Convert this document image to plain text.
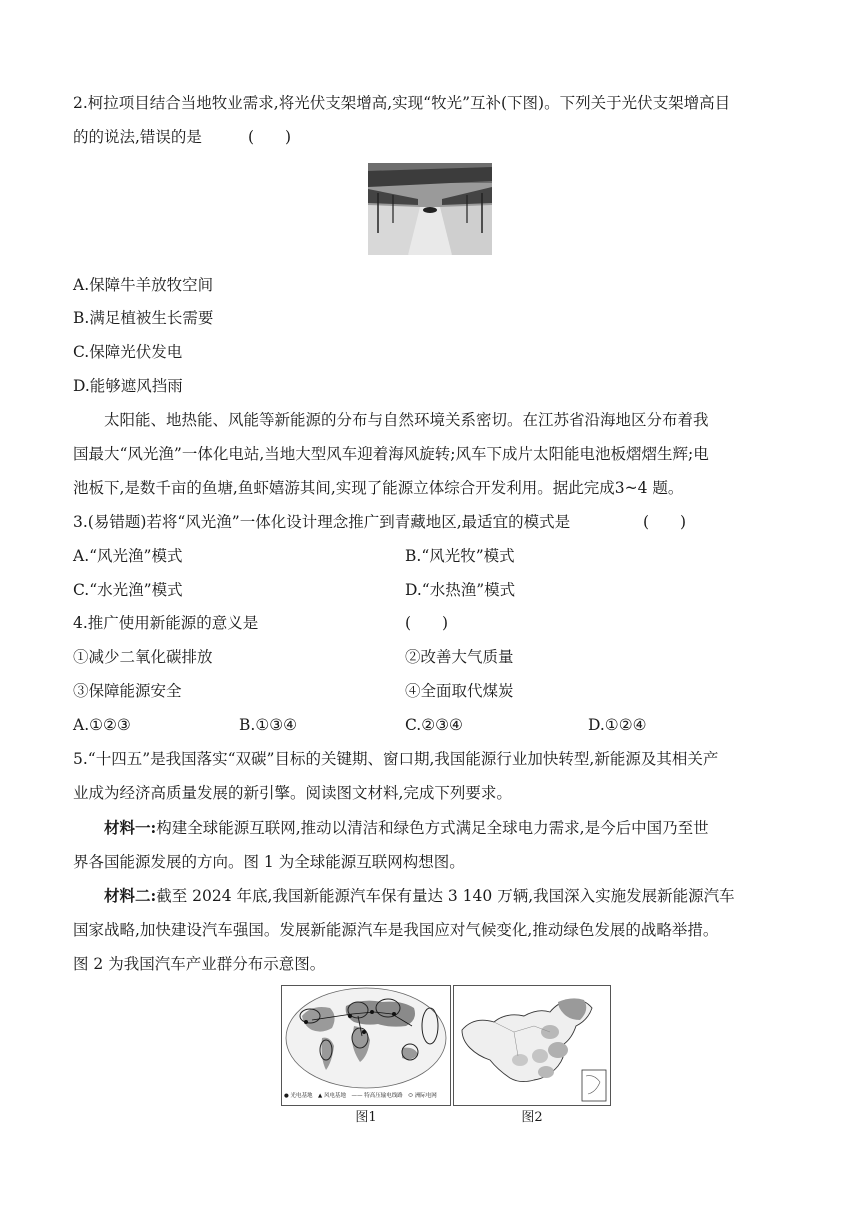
2.柯拉项目结合当地牧业需求,将光伏支架增高,实现“牧光”互补(下图)。下列关于光伏支架增高目
的的说法,错误的是	(　　)
A.保障牛羊放牧空间
B.满足植被生长需要
C.保障光伏发电
D.能够遮风挡雨
太阳能、地热能、风能等新能源的分布与自然环境关系密切。在江苏省沿海地区分布着我
国最大“风光渔”一体化电站,当地大型风车迎着海风旋转;风车下成片太阳能电池板熠熠生辉;电
池板下,是数千亩的鱼塘,鱼虾嬉游其间,实现了能源立体综合开发利用。据此完成3~4 题。
3.(易错题)若将“风光渔”一体化设计理念推广到青藏地区,最适宜的模式是	(　　)
A.“风光渔”模式	B.“风光牧”模式
C.“水光渔”模式	D.“水热渔”模式
4.推广使用新能源的意义是	(　　)
①减少二氧化碳排放	②改善大气质量
③保障能源安全	④全面取代煤炭
A.①②③	B.①③④	C.②③④	D.①②④
5.“十四五”是我国落实“双碳”目标的关键期、窗口期,我国能源行业加快转型,新能源及其相关产
业成为经济高质量发展的新引擎。阅读图文材料,完成下列要求。
材料一:构建全球能源互联网,推动以清洁和绿色方式满足全球电力需求,是今后中国乃至世
界各国能源发展的方向。图 1 为全球能源互联网构想图。
材料二:截至 2024 年底,我国新能源汽车保有量达 3 140 万辆,我国深入实施发展新能源汽车
国家战略,加快建设汽车强国。发展新能源汽车是我国应对气候变化,推动绿色发展的战略举措。
图 2 为我国汽车产业群分布示意图。
● 光电基地　▲ 风电基地　—— 特高压输电线路　⬭ 洲际电网
图1	图2
